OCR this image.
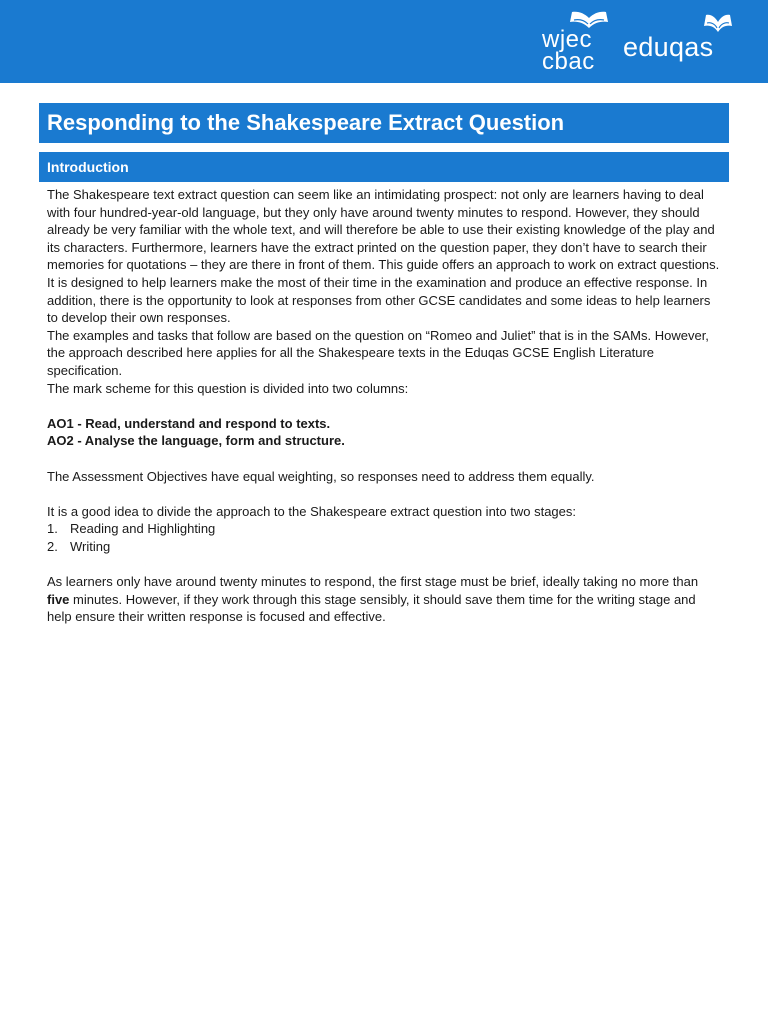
wjec
cbac eduqas
Responding to the Shakespeare Extract Question
Introduction

The Shakespeare text extract question can seem like an intimidating prospect: not only are learners having to deal with four hundred-year-old language, but they only have around twenty minutes to respond. However, they should already be very familiar with the whole text, and will therefore be able to use their existing knowledge of the play and its characters. Furthermore, learners have the extract printed on the question paper, they don’t have to search their memories for quotations – they are there in front of them. This guide offers an approach to work on extract questions. It is designed to help learners make the most of their time in the examination and produce an effective response. In addition, there is the opportunity to look at responses from other GCSE candidates and some ideas to help learners to develop their own responses.

The examples and tasks that follow are based on the question on “Romeo and Juliet” that is in the SAMs. However, the approach described here applies for all the Shakespeare texts in the Eduqas GCSE English Literature specification.

The mark scheme for this question is divided into two columns:

AO1 - Read, understand and respond to texts.

AO2 - Analyse the language, form and structure.

The Assessment Objectives have equal weighting, so responses need to address them equally.

It is a good idea to divide the approach to the Shakespeare extract question into two stages:

1. Reading and Highlighting
2. Writing

As learners only have around twenty minutes to respond, the first stage must be brief, ideally taking no more than five minutes. However, if they work through this stage sensibly, it should save them time for the writing stage and help ensure their written response is focused and effective.
